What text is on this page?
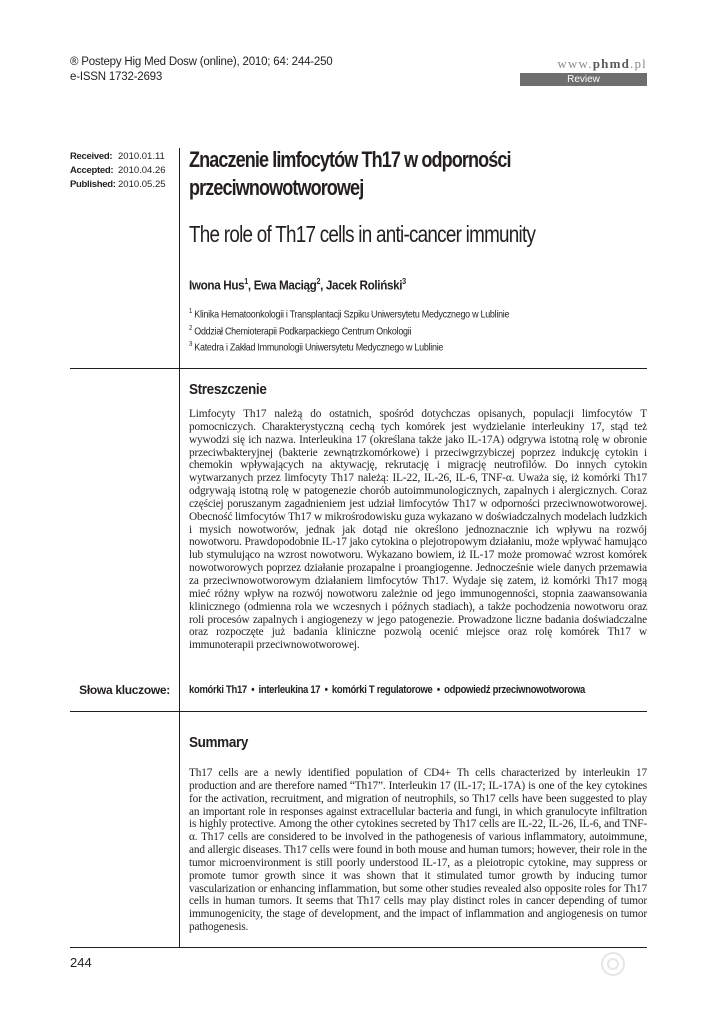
® Postepy Hig Med Dosw (online), 2010; 64: 244-250
e-ISSN 1732-2693
www.phmd.pl
Review
Received: 2010.01.11
Accepted: 2010.04.26
Published: 2010.05.25
Znaczenie limfocytów Th17 w odporności przeciwnowotworowej
The role of Th17 cells in anti-cancer immunity
Iwona Hus$^1$, Ewa Maciąg$^2$, Jacek Roliński$^3$
$^1$ Klinika Hematoonkologii i Transplantacji Szpiku Uniwersytetu Medycznego w Lublinie
$^2$ Oddział Chemioterapii Podkarpackiego Centrum Onkologii
$^3$ Katedra i Zakład Immunologii Uniwersytetu Medycznego w Lublinie
Streszczenie
Limfocyty Th17 należą do ostatnich, spośród dotychczas opisanych, populacji limfocytów T pomocniczych. Charakterystyczną cechą tych komórek jest wydzielanie interleukiny 17, stąd też wywodzi się ich nazwa. Interleukina 17 (określana także jako IL-17A) odgrywa istotną rolę w obronie przeciwbakteryjnej (bakterie zewnątrzkomórkowe) i przeciwgrzybiczej poprzez indukcję cytokin i chemokin wpływających na aktywację, rekrutację i migrację neutrofilów. Do innych cytokin wytwarzanych przez limfocyty Th17 należą: IL-22, IL-26, IL-6, TNF-α. Uważa się, iż komórki Th17 odgrywają istotną rolę w patogenezie chorób autoimmunologicznych, zapalnych i alergicznych. Coraz częściej poruszanym zagadnieniem jest udział limfocytów Th17 w odporności przeciwnowotworowej. Obecność limfocytów Th17 w mikrośrodowisku guza wykazano w doświadczalnych modelach ludzkich i mysich nowotworów, jednak jak dotąd nie określono jednoznacznie ich wpływu na rozwój nowotworu. Prawdopodobnie IL-17 jako cytokina o plejotropowym działaniu, może wpływać hamująco lub stymulująco na wzrost nowotworu. Wykazano bowiem, iż IL-17 może promować wzrost komórek nowotworowych poprzez działanie prozapalne i proangiogenne. Jednocześnie wiele danych przemawia za przeciwnowotworowym działaniem limfocytów Th17. Wydaje się zatem, iż komórki Th17 mogą mieć różny wpływ na rozwój nowotworu zależnie od jego immunogenności, stopnia zaawansowania klinicznego (odmienna rola we wczesnych i późnych stadiach), a także pochodzenia nowotworu oraz roli procesów zapalnych i angiogenezy w jego patogenezie. Prowadzone liczne badania doświadczalne oraz rozpoczęte już badania kliniczne pozwolą ocenić miejsce oraz rolę komórek Th17 w immunoterapii przeciwnowotworowej.
Słowa kluczowe: komórki Th17 • interleukina 17 • komórki T regulatorowe • odpowiedź przeciwnowotworowa
Summary
Th17 cells are a newly identified population of CD4+ Th cells characterized by interleukin 17 production and are therefore named “Th17”. Interleukin 17 (IL-17; IL-17A) is one of the key cytokines for the activation, recruitment, and migration of neutrophils, so Th17 cells have been suggested to play an important role in responses against extracellular bacteria and fungi, in which granulocyte infiltration is highly protective. Among the other cytokines secreted by Th17 cells are IL-22, IL-26, IL-6, and TNF-α. Th17 cells are considered to be involved in the pathogenesis of various inflammatory, autoimmune, and allergic diseases. Th17 cells were found in both mouse and human tumors; however, their role in the tumor microenvironment is still poorly understood IL-17, as a pleiotropic cytokine, may suppress or promote tumor growth since it was shown that it stimulated tumor growth by inducing tumor vascularization or enhancing inflammation, but some other studies revealed also opposite roles for Th17 cells in human tumors. It seems that Th17 cells may play distinct roles in cancer depending of tumor immunogenicity, the stage of development, and the impact of inflammation and angiogenesis on tumor pathogenesis.
244
